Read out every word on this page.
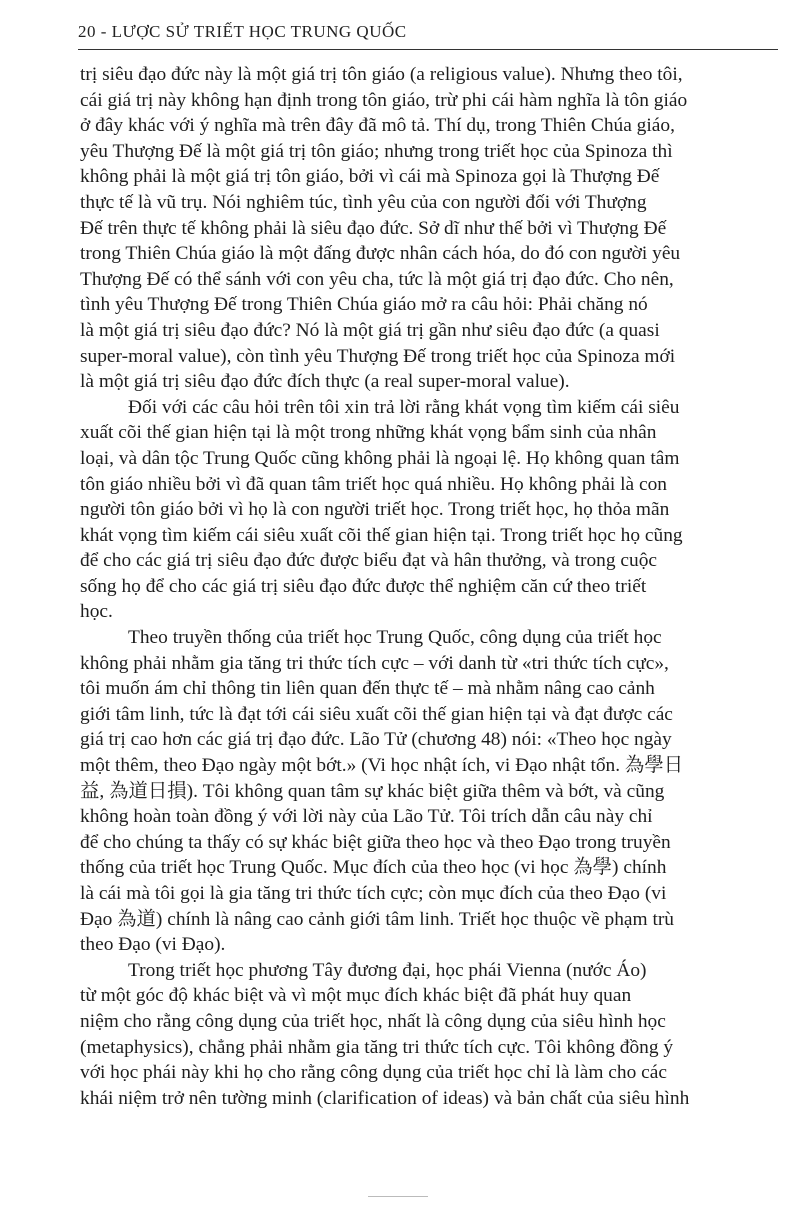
20 - LƯỢC SỬ TRIẾT HỌC TRUNG QUỐC
trị siêu đạo đức này là một giá trị tôn giáo (a religious value). Nhưng theo tôi,
cái giá trị này không hạn định trong tôn giáo, trừ phi cái hàm nghĩa là tôn giáo
ở đây khác với ý nghĩa mà trên đây đã mô tả. Thí dụ, trong Thiên Chúa giáo,
yêu Thượng Đế là một giá trị tôn giáo; nhưng trong triết học của Spinoza thì
không phải là một giá trị tôn giáo, bởi vì cái mà Spinoza gọi là Thượng Đế
thực tế là vũ trụ. Nói nghiêm túc, tình yêu của con người đối với Thượng
Đế trên thực tế không phải là siêu đạo đức. Sở dĩ như thế bởi vì Thượng Đế
trong Thiên Chúa giáo là một đấng được nhân cách hóa, do đó con người yêu
Thượng Đế có thể sánh với con yêu cha, tức là một giá trị đạo đức. Cho nên,
tình yêu Thượng Đế trong Thiên Chúa giáo mở ra câu hỏi: Phải chăng nó
là một giá trị siêu đạo đức? Nó là một giá trị gần như siêu đạo đức (a quasi
super-moral value), còn tình yêu Thượng Đế trong triết học của Spinoza mới
là một giá trị siêu đạo đức đích thực (a real super-moral value).
Đối với các câu hỏi trên tôi xin trả lời rằng khát vọng tìm kiếm cái siêu
xuất cõi thế gian hiện tại là một trong những khát vọng bẩm sinh của nhân
loại, và dân tộc Trung Quốc cũng không phải là ngoại lệ. Họ không quan tâm
tôn giáo nhiều bởi vì đã quan tâm triết học quá nhiều. Họ không phải là con
người tôn giáo bởi vì họ là con người triết học. Trong triết học, họ thỏa mãn
khát vọng tìm kiếm cái siêu xuất cõi thế gian hiện tại. Trong triết học họ cũng
để cho các giá trị siêu đạo đức được biểu đạt và hân thưởng, và trong cuộc
sống họ để cho các giá trị siêu đạo đức được thể nghiệm căn cứ theo triết
học.
Theo truyền thống của triết học Trung Quốc, công dụng của triết học
không phải nhằm gia tăng tri thức tích cực – với danh từ «tri thức tích cực»,
tôi muốn ám chỉ thông tin liên quan đến thực tế – mà nhằm nâng cao cảnh
giới tâm linh, tức là đạt tới cái siêu xuất cõi thế gian hiện tại và đạt được các
giá trị cao hơn các giá trị đạo đức. Lão Tử (chương 48) nói: «Theo học ngày
một thêm, theo Đạo ngày một bớt.» (Vi học nhật ích, vi Đạo nhật tổn. 為學日
益, 為道日損). Tôi không quan tâm sự khác biệt giữa thêm và bớt, và cũng
không hoàn toàn đồng ý với lời này của Lão Tử. Tôi trích dẫn câu này chỉ
để cho chúng ta thấy có sự khác biệt giữa theo học và theo Đạo trong truyền
thống của triết học Trung Quốc. Mục đích của theo học (vi học 為學) chính
là cái mà tôi gọi là gia tăng tri thức tích cực; còn mục đích của theo Đạo (vi
Đạo 為道) chính là nâng cao cảnh giới tâm linh. Triết học thuộc về phạm trù
theo Đạo (vi Đạo).
Trong triết học phương Tây đương đại, học phái Vienna (nước Áo)
từ một góc độ khác biệt và vì một mục đích khác biệt đã phát huy quan
niệm cho rằng công dụng của triết học, nhất là công dụng của siêu hình học
(metaphysics), chẳng phải nhằm gia tăng tri thức tích cực. Tôi không đồng ý
với học phái này khi họ cho rằng công dụng của triết học chỉ là làm cho các
khái niệm trở nên tường minh (clarification of ideas) và bản chất của siêu hình
